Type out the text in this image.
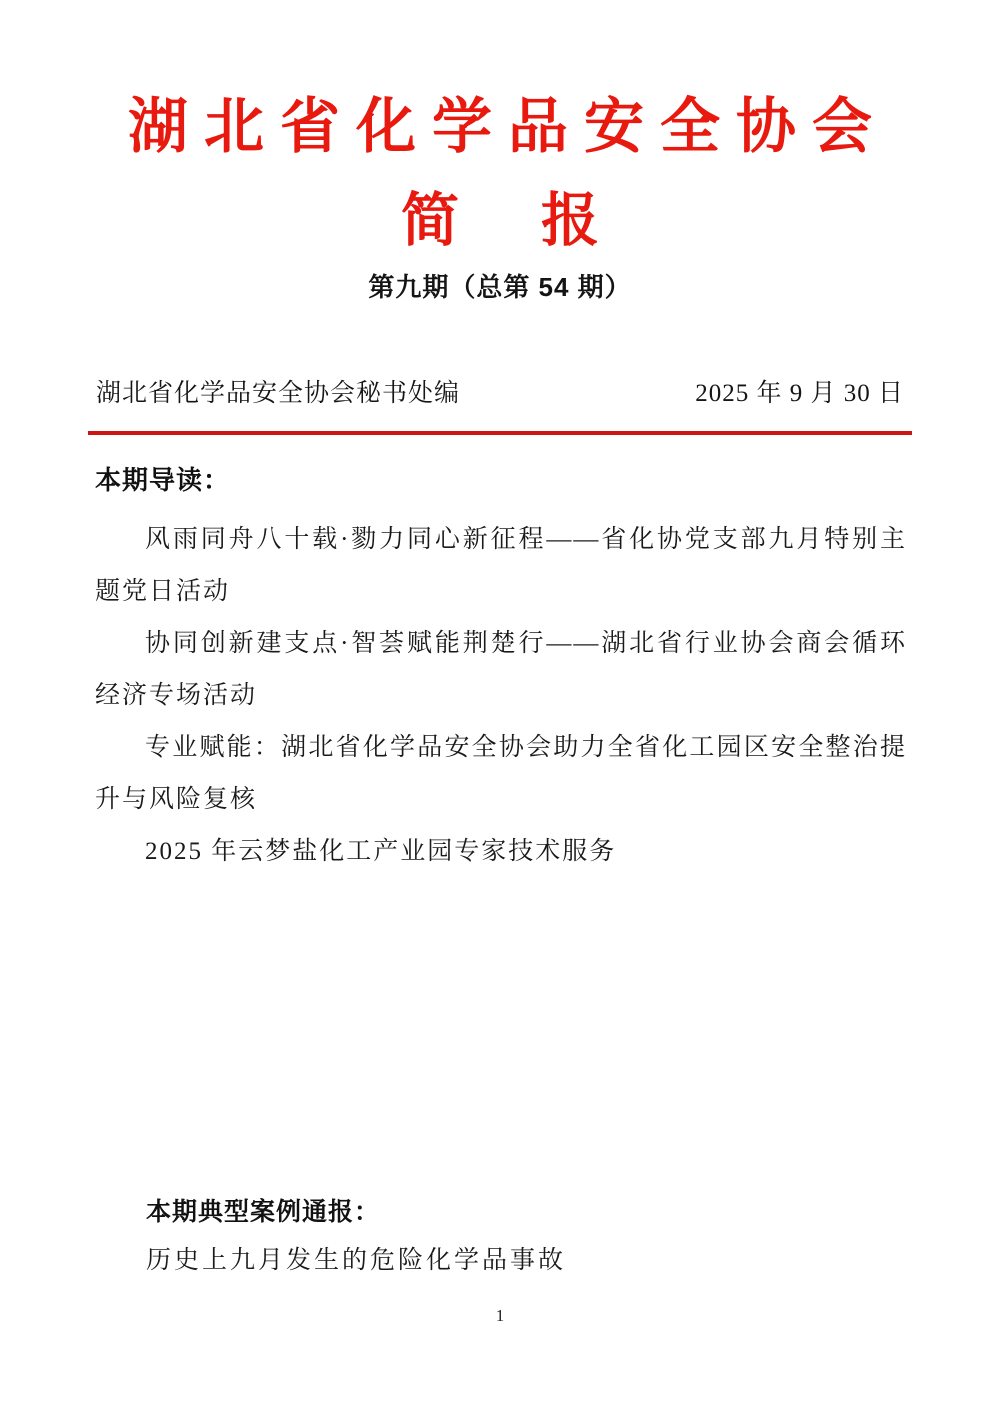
湖北省化学品安全协会
简　报
第九期（总第 54 期）
湖北省化学品安全协会秘书处编	2025 年 9 月 30 日
本期导读：

风雨同舟八十载·勠力同心新征程——省化协党支部九月特别主题党日活动

协同创新建支点·智荟赋能荆楚行——湖北省行业协会商会循环经济专场活动

专业赋能：湖北省化学品安全协会助力全省化工园区安全整治提升与风险复核

2025 年云梦盐化工产业园专家技术服务

本期典型案例通报：
历史上九月发生的危险化学品事故
1
